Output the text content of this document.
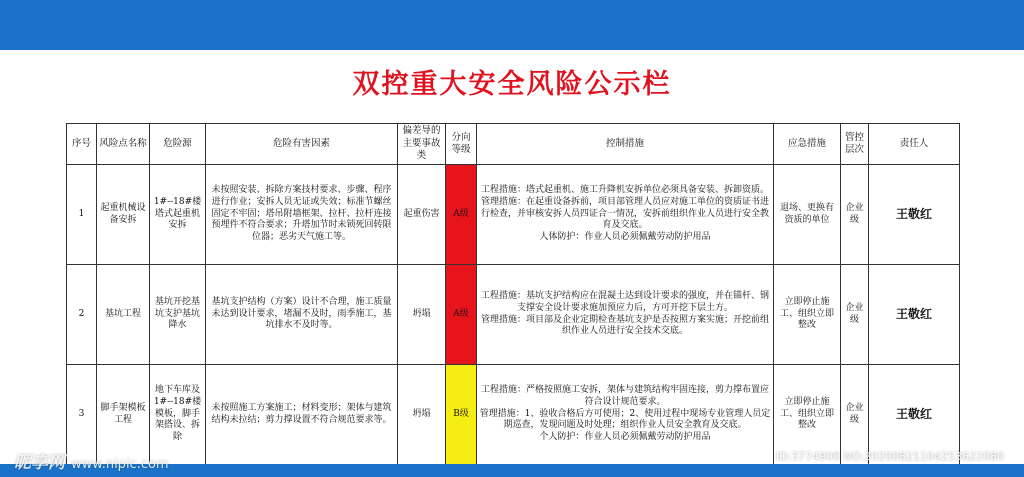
双控重大安全风险公示栏
序号	风险点名称	危险源	危险有害因素	偏差导的主要事故类	分向等级	控制措施	应急措施	管控层次	责任人
1	起重机械设备安拆	1#--18#楼塔式起重机安拆	未按照安装、拆除方案技村要求、步骤、程序进行作业；安拆人员无证或失效；标准节螺丝固定不牢固；塔吊附墙框架、拉杆、拉杆连接预埋件不符合要求；升塔加节时未锁死回转限位器；恶劣天气施工等。	起重伤害	A级	工程措施：塔式起重机、施工升降机安拆单位必须具备安装、拆卸资质。
管理措施：在起重设备拆前，项目部管理人员应对施工单位的资质证书进行检查，并审核安拆人员四证合一情况，安拆前组织作业人员进行安全教育及交底。
人体防护：作业人员必须佩戴劳动防护用品	退场、更换有资质的单位	企业级	王敬红
2	基坑工程	基坑开挖基坑支护基坑降水	基坑支护结构（方案）设计不合理，施工质量未达到设计要求，堵漏不及时，雨季施工，基坑排水不及时等。	坍塌	A级	工程措施：基坑支护结构应在混凝土达到设计要求的强度，并在锚杆、钢支撑安全设计要求施加预应力后，方可开挖下层土方。
管理措施：项目部及企业定期检查基坑支护是否按照方案实施；开挖前组织作业人员进行安全技术交底。	立即停止施工、组织立即整改	企业级	王敬红
3	脚手架模板工程	地下车库及1#--18#楼模板，脚手架搭设、拆除	未按照施工方案施工；材料变形；架体与建筑结构未拉结；剪力撑设置不符合规范要求等。	坍塌	B级	工程措施：严格按照施工安拆，架体与建筑结构牢固连接，剪力撑布置应符合设计规范要求。
管理措施：1、验收合格后方可使用；2、使用过程中现场专业管理人员定期巡查，发现问题及时处理；组织作业人员安全教育及交底。
个人防护：作业人员必须佩戴劳动防护用品	立即停止施工、组织立即整改	企业级	王敬红
昵享网 www.nipic.com
ID:3774900 NO:20200821104253622080
